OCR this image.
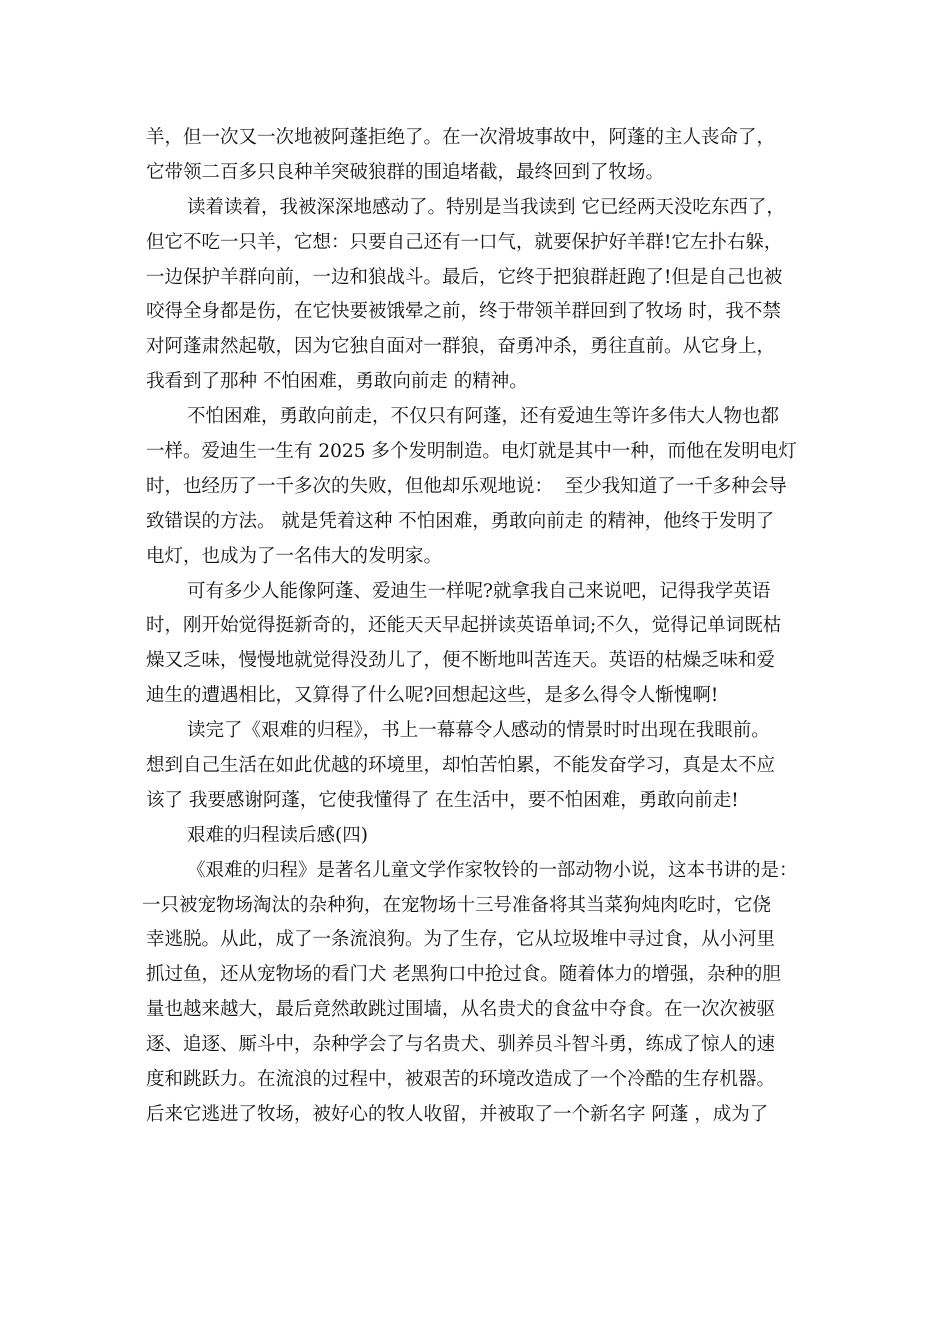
羊，但一次又一次地被阿蓬拒绝了。在一次滑坡事故中，阿蓬的主人丧命了，
它带领二百多只良种羊突破狼群的围追堵截，最终回到了牧场。
读着读着，我被深深地感动了。特别是当我读到 它已经两天没吃东西了，
但它不吃一只羊，它想：只要自己还有一口气，就要保护好羊群!它左扑右躲，
一边保护羊群向前，一边和狼战斗。最后，它终于把狼群赶跑了!但是自己也被
咬得全身都是伤，在它快要被饿晕之前，终于带领羊群回到了牧场 时，我不禁
对阿蓬肃然起敬，因为它独自面对一群狼，奋勇冲杀，勇往直前。从它身上，
我看到了那种 不怕困难，勇敢向前走 的精神。
不怕困难，勇敢向前走，不仅只有阿蓬，还有爱迪生等许多伟大人物也都
一样。爱迪生一生有 2025 多个发明制造。电灯就是其中一种，而他在发明电灯
时，也经历了一千多次的失败，但他却乐观地说：  至少我知道了一千多种会导
致错误的方法。 就是凭着这种 不怕困难，勇敢向前走 的精神，他终于发明了
电灯，也成为了一名伟大的发明家。
可有多少人能像阿蓬、爱迪生一样呢?就拿我自己来说吧，记得我学英语
时，刚开始觉得挺新奇的，还能天天早起拼读英语单词;不久，觉得记单词既枯
燥又乏味，慢慢地就觉得没劲儿了，便不断地叫苦连天。英语的枯燥乏味和爱
迪生的遭遇相比，又算得了什么呢?回想起这些，是多么得令人惭愧啊!
读完了《艰难的归程》，书上一幕幕令人感动的情景时时出现在我眼前。
想到自己生活在如此优越的环境里，却怕苦怕累，不能发奋学习，真是太不应
该了 我要感谢阿蓬，它使我懂得了 在生活中，要不怕困难，勇敢向前走!
艰难的归程读后感(四)
《艰难的归程》是著名儿童文学作家牧铃的一部动物小说，这本书讲的是：
一只被宠物场淘汰的杂种狗，在宠物场十三号准备将其当菜狗炖肉吃时，它侥
幸逃脱。从此，成了一条流浪狗。为了生存，它从垃圾堆中寻过食，从小河里
抓过鱼，还从宠物场的看门犬 老黑狗口中抢过食。随着体力的增强，杂种的胆
量也越来越大，最后竟然敢跳过围墙，从名贵犬的食盆中夺食。在一次次被驱
逐、追逐、厮斗中，杂种学会了与名贵犬、驯养员斗智斗勇，练成了惊人的速
度和跳跃力。在流浪的过程中，被艰苦的环境改造成了一个冷酷的生存机器。
后来它逃进了牧场，被好心的牧人收留，并被取了一个新名字 阿蓬 ，成为了
